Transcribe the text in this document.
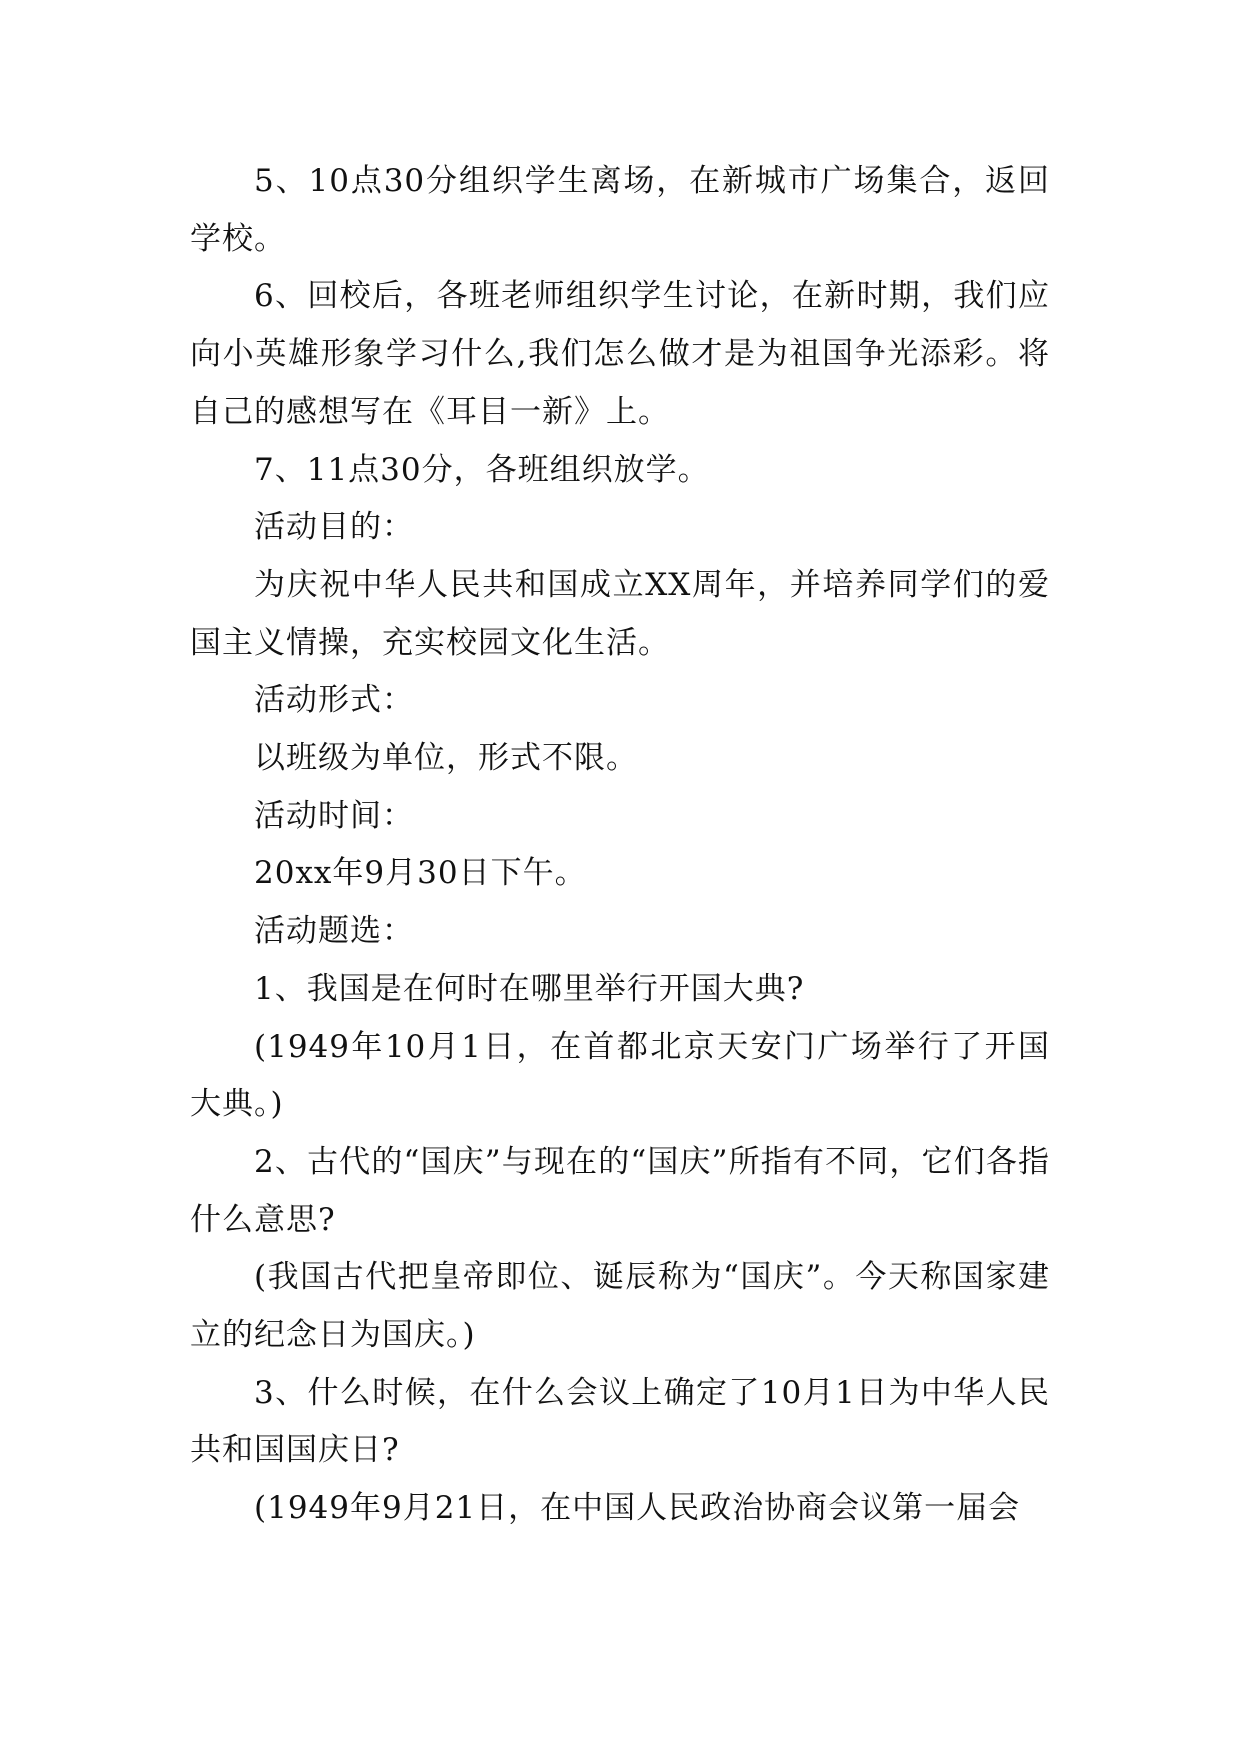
5、10点30分组织学生离场，在新城市广场集合，返回学校。

6、回校后，各班老师组织学生讨论，在新时期，我们应向小英雄形象学习什么,我们怎么做才是为祖国争光添彩。将自己的感想写在《耳目一新》上。

7、11点30分，各班组织放学。

活动目的：

为庆祝中华人民共和国成立XX周年，并培养同学们的爱国主义情操，充实校园文化生活。

活动形式：

以班级为单位，形式不限。

活动时间：

20xx年9月30日下午。

活动题选：

1、我国是在何时在哪里举行开国大典?

(1949年10月1日，在首都北京天安门广场举行了开国大典。)

2、古代的“国庆”与现在的“国庆”所指有不同，它们各指什么意思?

(我国古代把皇帝即位、诞辰称为“国庆”。今天称国家建立的纪念日为国庆。)

3、什么时候，在什么会议上确定了10月1日为中华人民共和国国庆日?

(1949年9月21日，在中国人民政治协商会议第一届会
